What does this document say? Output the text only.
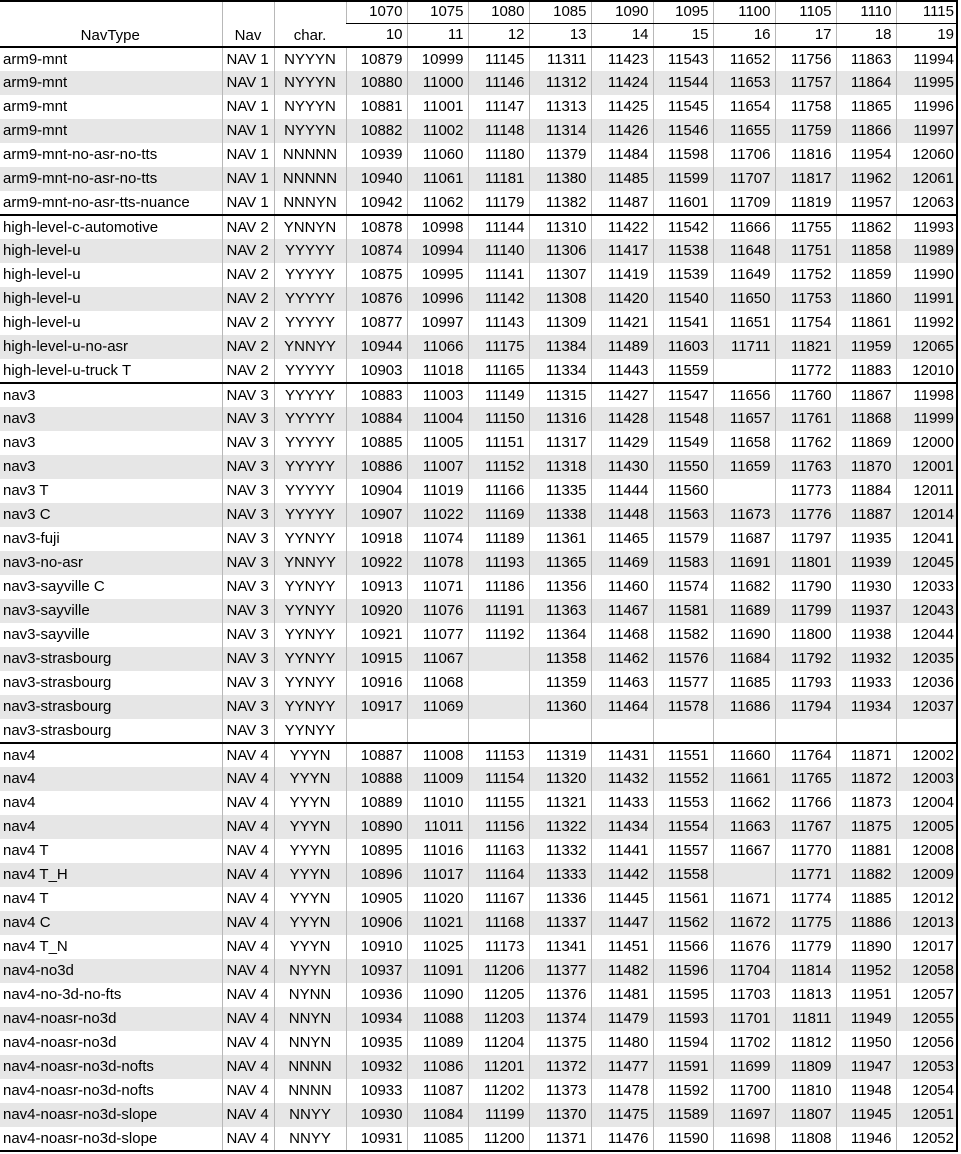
NavType	Nav	char.	1070	1075	1080	1085	1090	1095	1100	1105	1110	1115
			10	11	12	13	14	15	16	17	18	19
arm9-mnt	NAV 1	NYYYN	10879	10999	11145	11311	11423	11543	11652	11756	11863	11994
arm9-mnt	NAV 1	NYYYN	10880	11000	11146	11312	11424	11544	11653	11757	11864	11995
arm9-mnt	NAV 1	NYYYN	10881	11001	11147	11313	11425	11545	11654	11758	11865	11996
arm9-mnt	NAV 1	NYYYN	10882	11002	11148	11314	11426	11546	11655	11759	11866	11997
arm9-mnt-no-asr-no-tts	NAV 1	NNNNN	10939	11060	11180	11379	11484	11598	11706	11816	11954	12060
arm9-mnt-no-asr-no-tts	NAV 1	NNNNN	10940	11061	11181	11380	11485	11599	11707	11817	11962	12061
arm9-mnt-no-asr-tts-nuance	NAV 1	NNNYN	10942	11062	11179	11382	11487	11601	11709	11819	11957	12063
high-level-c-automotive	NAV 2	YNNYN	10878	10998	11144	11310	11422	11542	11666	11755	11862	11993
high-level-u	NAV 2	YYYYY	10874	10994	11140	11306	11417	11538	11648	11751	11858	11989
high-level-u	NAV 2	YYYYY	10875	10995	11141	11307	11419	11539	11649	11752	11859	11990
high-level-u	NAV 2	YYYYY	10876	10996	11142	11308	11420	11540	11650	11753	11860	11991
high-level-u	NAV 2	YYYYY	10877	10997	11143	11309	11421	11541	11651	11754	11861	11992
high-level-u-no-asr	NAV 2	YNNYY	10944	11066	11175	11384	11489	11603	11711	11821	11959	12065
high-level-u-truck T	NAV 2	YYYYY	10903	11018	11165	11334	11443	11559		11772	11883	12010
nav3	NAV 3	YYYYY	10883	11003	11149	11315	11427	11547	11656	11760	11867	11998
nav3	NAV 3	YYYYY	10884	11004	11150	11316	11428	11548	11657	11761	11868	11999
nav3	NAV 3	YYYYY	10885	11005	11151	11317	11429	11549	11658	11762	11869	12000
nav3	NAV 3	YYYYY	10886	11007	11152	11318	11430	11550	11659	11763	11870	12001
nav3 T	NAV 3	YYYYY	10904	11019	11166	11335	11444	11560		11773	11884	12011
nav3 C	NAV 3	YYYYY	10907	11022	11169	11338	11448	11563	11673	11776	11887	12014
nav3-fuji	NAV 3	YYNYY	10918	11074	11189	11361	11465	11579	11687	11797	11935	12041
nav3-no-asr	NAV 3	YNNYY	10922	11078	11193	11365	11469	11583	11691	11801	11939	12045
nav3-sayville C	NAV 3	YYNYY	10913	11071	11186	11356	11460	11574	11682	11790	11930	12033
nav3-sayville	NAV 3	YYNYY	10920	11076	11191	11363	11467	11581	11689	11799	11937	12043
nav3-sayville	NAV 3	YYNYY	10921	11077	11192	11364	11468	11582	11690	11800	11938	12044
nav3-strasbourg	NAV 3	YYNYY	10915	11067		11358	11462	11576	11684	11792	11932	12035
nav3-strasbourg	NAV 3	YYNYY	10916	11068		11359	11463	11577	11685	11793	11933	12036
nav3-strasbourg	NAV 3	YYNYY	10917	11069		11360	11464	11578	11686	11794	11934	12037
nav3-strasbourg	NAV 3	YYNYY										
nav4	NAV 4	YYYN	10887	11008	11153	11319	11431	11551	11660	11764	11871	12002
nav4	NAV 4	YYYN	10888	11009	11154	11320	11432	11552	11661	11765	11872	12003
nav4	NAV 4	YYYN	10889	11010	11155	11321	11433	11553	11662	11766	11873	12004
nav4	NAV 4	YYYN	10890	11011	11156	11322	11434	11554	11663	11767	11875	12005
nav4 T	NAV 4	YYYN	10895	11016	11163	11332	11441	11557	11667	11770	11881	12008
nav4 T_H	NAV 4	YYYN	10896	11017	11164	11333	11442	11558		11771	11882	12009
nav4 T	NAV 4	YYYN	10905	11020	11167	11336	11445	11561	11671	11774	11885	12012
nav4 C	NAV 4	YYYN	10906	11021	11168	11337	11447	11562	11672	11775	11886	12013
nav4 T_N	NAV 4	YYYN	10910	11025	11173	11341	11451	11566	11676	11779	11890	12017
nav4-no3d	NAV 4	NYYN	10937	11091	11206	11377	11482	11596	11704	11814	11952	12058
nav4-no-3d-no-fts	NAV 4	NYNN	10936	11090	11205	11376	11481	11595	11703	11813	11951	12057
nav4-noasr-no3d	NAV 4	NNYN	10934	11088	11203	11374	11479	11593	11701	11811	11949	12055
nav4-noasr-no3d	NAV 4	NNYN	10935	11089	11204	11375	11480	11594	11702	11812	11950	12056
nav4-noasr-no3d-nofts	NAV 4	NNNN	10932	11086	11201	11372	11477	11591	11699	11809	11947	12053
nav4-noasr-no3d-nofts	NAV 4	NNNN	10933	11087	11202	11373	11478	11592	11700	11810	11948	12054
nav4-noasr-no3d-slope	NAV 4	NNYY	10930	11084	11199	11370	11475	11589	11697	11807	11945	12051
nav4-noasr-no3d-slope	NAV 4	NNYY	10931	11085	11200	11371	11476	11590	11698	11808	11946	12052
